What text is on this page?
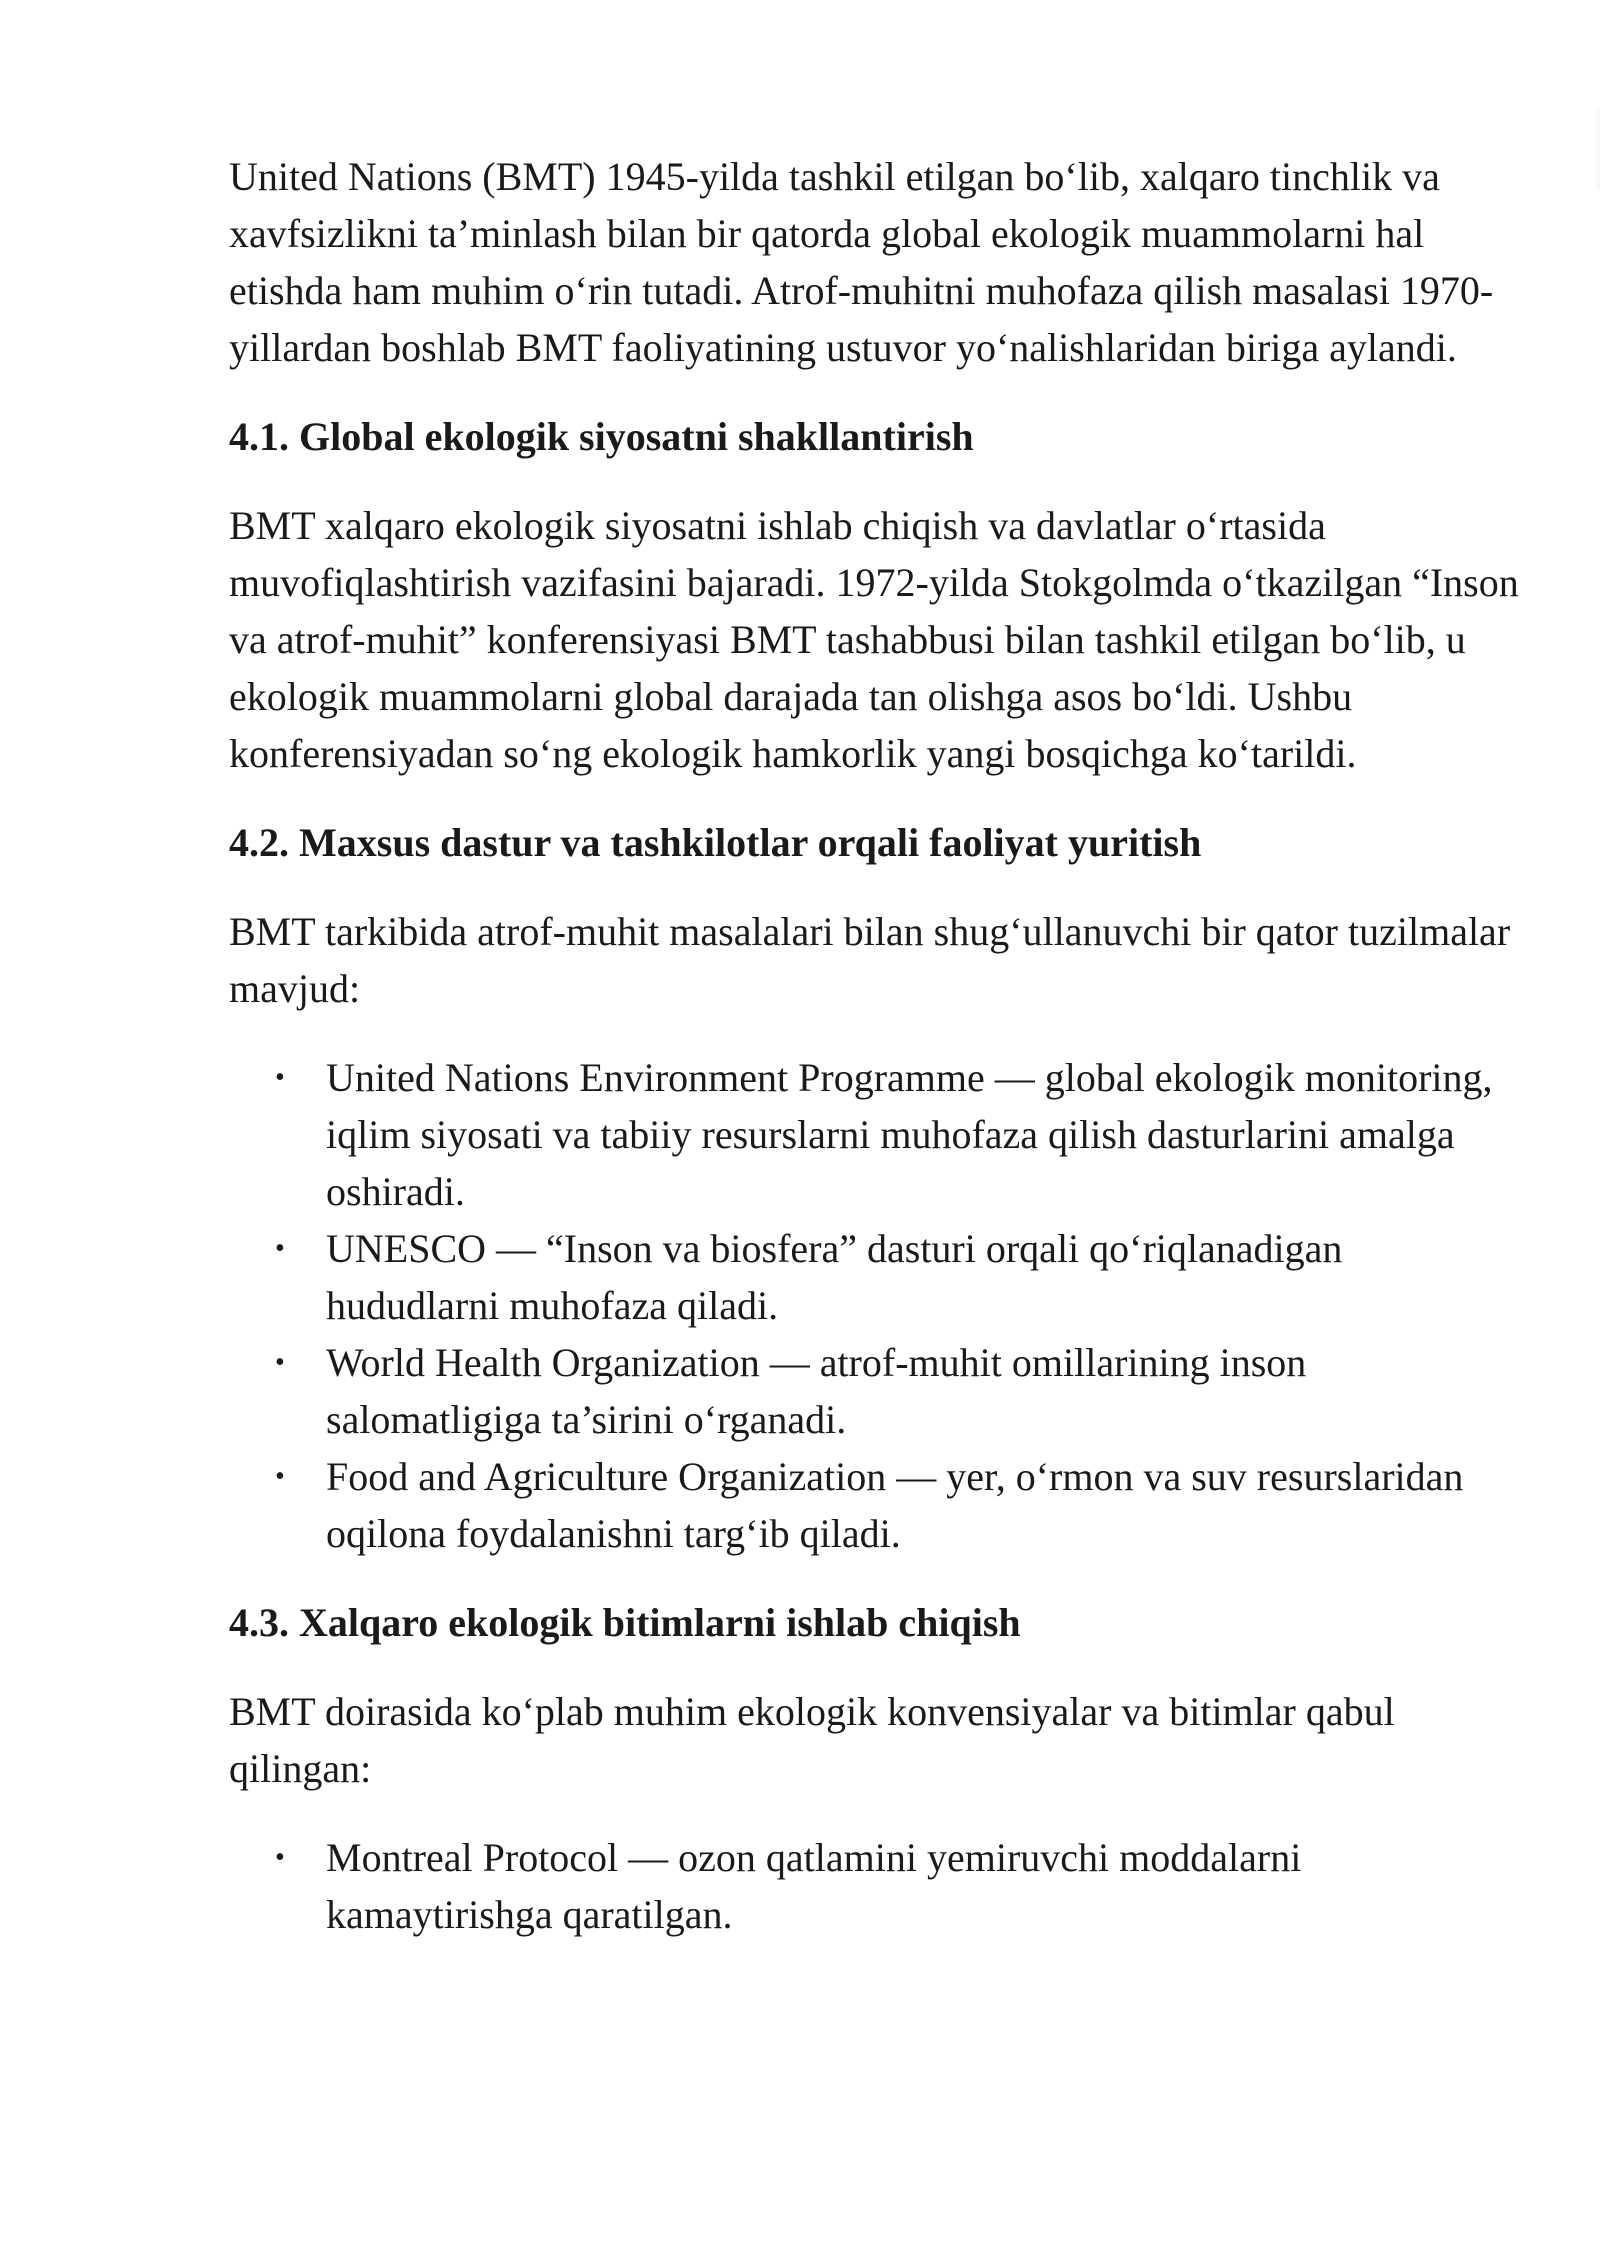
United Nations (BMT) 1945-yilda tashkil etilgan bo‘lib, xalqaro tinchlik va xavfsizlikni ta’minlash bilan bir qatorda global ekologik muammolarni hal etishda ham muhim o‘rin tutadi. Atrof-muhitni muhofaza qilish masalasi 1970-yillardan boshlab BMT faoliyatining ustuvor yo‘nalishlaridan biriga aylandi.

4.1. Global ekologik siyosatni shakllantirish

BMT xalqaro ekologik siyosatni ishlab chiqish va davlatlar o‘rtasida muvofiqlashtirish vazifasini bajaradi. 1972-yilda Stokgolmda o‘tkazilgan “Inson va atrof-muhit” konferensiyasi BMT tashabbusi bilan tashkil etilgan bo‘lib, u ekologik muammolarni global darajada tan olishga asos bo‘ldi. Ushbu konferensiyadan so‘ng ekologik hamkorlik yangi bosqichga ko‘tarildi.

4.2. Maxsus dastur va tashkilotlar orqali faoliyat yuritish

BMT tarkibida atrof-muhit masalalari bilan shug‘ullanuvchi bir qator tuzilmalar mavjud:

• United Nations Environment Programme — global ekologik monitoring, iqlim siyosati va tabiiy resurslarni muhofaza qilish dasturlarini amalga oshiradi.
• UNESCO — “Inson va biosfera” dasturi orqali qo‘riqlanadigan hududlarni muhofaza qiladi.
• World Health Organization — atrof-muhit omillarining inson salomatligiga ta’sirini o‘rganadi.
• Food and Agriculture Organization — yer, o‘rmon va suv resurslaridan oqilona foydalanishni targ‘ib qiladi.
4.3. Xalqaro ekologik bitimlarni ishlab chiqish

BMT doirasida ko‘plab muhim ekologik konvensiyalar va bitimlar qabul qilingan:

• Montreal Protocol — ozon qatlamini yemiruvchi moddalarni kamaytirishga qaratilgan.
